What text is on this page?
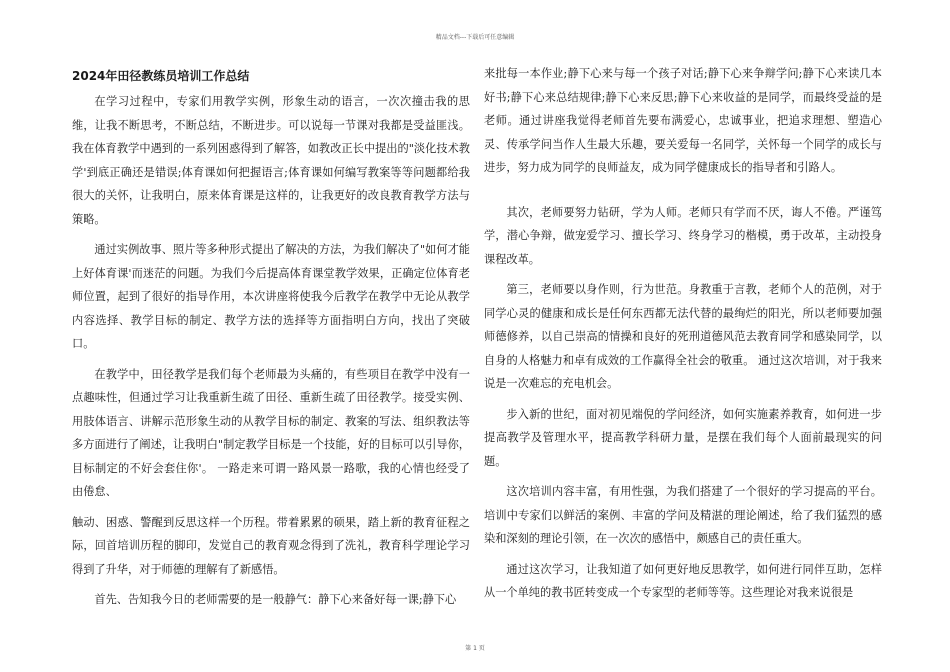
精品文档---下载后可任意编辑
2024年田径教练员培训工作总结

在学习过程中，专家们用教学实例，形象生动的语言，一次次撞击我的思维，让我不断思考，不断总结，不断进步。可以说每一节课对我都是受益匪浅。我在体育教学中遇到的一系列困惑得到了解答，如教改正长中提出的"淡化技术教学'到底正确还是错误;体育课如何把握语言;体育课如何编写教案等等问题都给我很大的关怀，让我明白，原来体育课是这样的，让我更好的改良教育教学方法与策略。

通过实例故事、照片等多种形式提出了解决的方法，为我们解决了"如何才能上好体育课'而迷茫的问题。为我们今后提高体育课堂教学效果，正确定位体育老师位置，起到了很好的指导作用，本次讲座将使我今后教学在教学中无论从教学内容选择、教学目标的制定、教学方法的选择等方面指明白方向，找出了突破口。

在教学中，田径教学是我们每个老师最为头痛的，有些项目在教学中没有一点趣味性，但通过学习让我重新生疏了田径、重新生疏了田径教学。接受实例、用肢体语言、讲解示范形象生动的从教学目标的制定、教案的写法、组织教法等多方面进行了阐述，让我明白"制定教学目标是一个技能，好的目标可以引导你，目标制定的不好会套住你'。 一路走来可谓一路风景一路歌，我的心情也经受了由倦怠、

触动、困惑、警醒到反思这样一个历程。带着累累的硕果，踏上新的教育征程之际，回首培训历程的脚印，发觉自己的教育观念得到了洗礼，教育科学理论学习得到了升华，对于师德的理解有了新感悟。

首先、告知我今日的老师需要的是一般静气：静下心来备好每一课;静下心

来批每一本作业;静下心来与每一个孩子对话;静下心来争辩学问;静下心来读几本好书;静下心来总结规律;静下心来反思;静下心来收益的是同学，而最终受益的是老师。通过讲座我觉得老师首先要布满爱心，忠诚事业，把追求理想、塑造心灵、传承学问当作人生最大乐趣，要关爱每一名同学，关怀每一个同学的成长与进步，努力成为同学的良师益友，成为同学健康成长的指导者和引路人。

其次，老师要努力钻研，学为人师。老师只有学而不厌，诲人不倦。严谨笃学，潜心争辩，做宠爱学习、擅长学习、终身学习的楷模，勇于改革，主动投身课程改革。

第三，老师要以身作则，行为世范。身教重于言教，老师个人的范例，对于同学心灵的健康和成长是任何东西都无法代替的最绚烂的阳光，所以老师要加强师德修养，以自己崇高的情操和良好的死刑道德风范去教育同学和感染同学，以自身的人格魅力和卓有成效的工作赢得全社会的敬重。 通过这次培训，对于我来说是一次难忘的充电机会。

步入新的世纪，面对初见端倪的学问经济，如何实施素养教育，如何进一步提高教学及管理水平，提高教学科研力量，是摆在我们每个人面前最现实的问题。

这次培训内容丰富，有用性强，为我们搭建了一个很好的学习提高的平台。培训中专家们以鲜活的案例、丰富的学问及精湛的理论阐述，给了我们猛烈的感染和深刻的理论引领，在一次次的感悟中，颇感自己的责任重大。

通过这次学习，让我知道了如何更好地反思教学，如何进行同伴互助，怎样从一个单纯的教书匠转变成一个专家型的老师等等。这些理论对我来说很是

第 1 页
